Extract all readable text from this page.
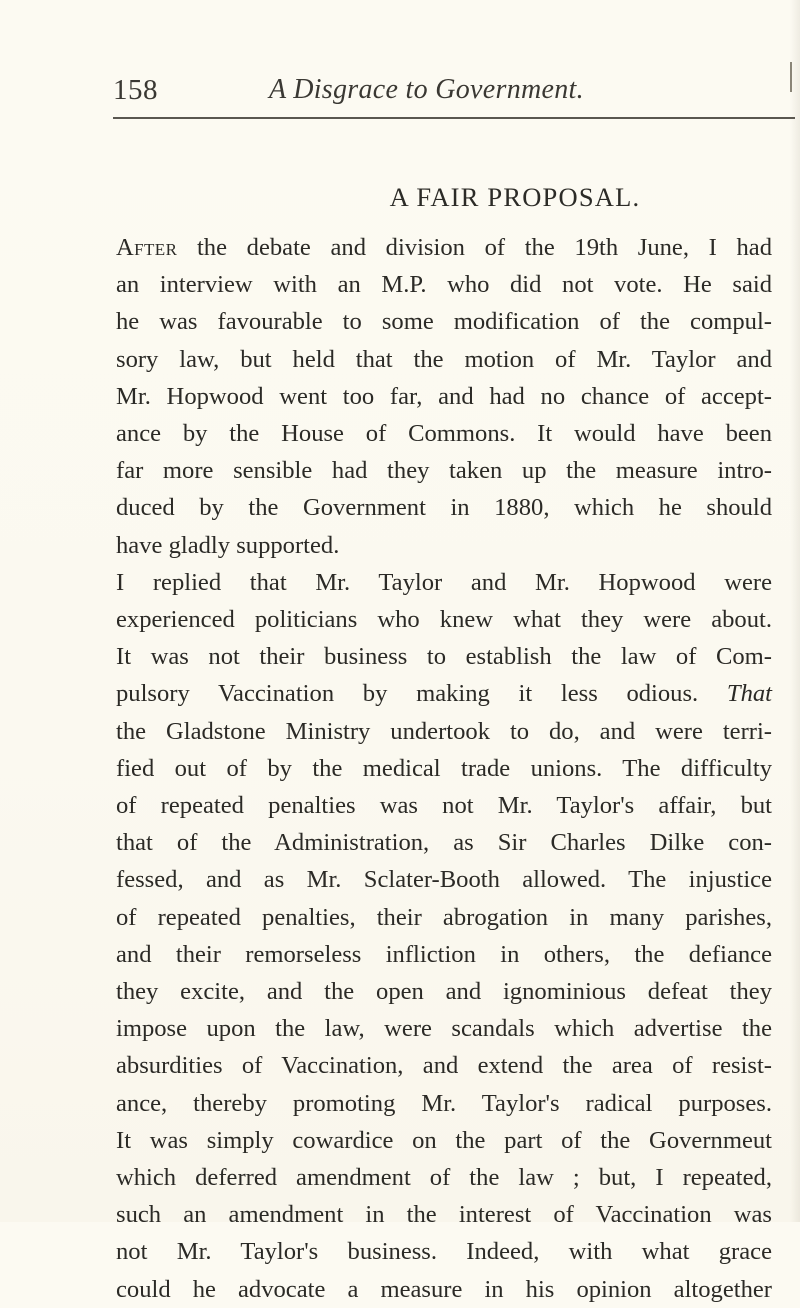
158	A Disgrace to Government.
A FAIR PROPOSAL.
After the debate and division of the 19th June, I had
an interview with an M.P. who did not vote. He said
he was favourable to some modification of the compul-
sory law, but held that the motion of Mr. Taylor and
Mr. Hopwood went too far, and had no chance of accept-
ance by the House of Commons. It would have been
far more sensible had they taken up the measure intro-
duced by the Government in 1880, which he should
have gladly supported.
I replied that Mr. Taylor and Mr. Hopwood were
experienced politicians who knew what they were about.
It was not their business to establish the law of Com-
pulsory Vaccination by making it less odious. That
the Gladstone Ministry undertook to do, and were terri-
fied out of by the medical trade unions. The difficulty
of repeated penalties was not Mr. Taylor's affair, but
that of the Administration, as Sir Charles Dilke con-
fessed, and as Mr. Sclater-Booth allowed. The injustice
of repeated penalties, their abrogation in many parishes,
and their remorseless infliction in others, the defiance
they excite, and the open and ignominious defeat they
impose upon the law, were scandals which advertise the
absurdities of Vaccination, and extend the area of resist-
ance, thereby promoting Mr. Taylor's radical purposes.
It was simply cowardice on the part of the Governmeut
which deferred amendment of the law ; but, I repeated,
such an amendment in the interest of Vaccination was
not Mr. Taylor's business. Indeed, with what grace
could he advocate a measure in his opinion altogether
